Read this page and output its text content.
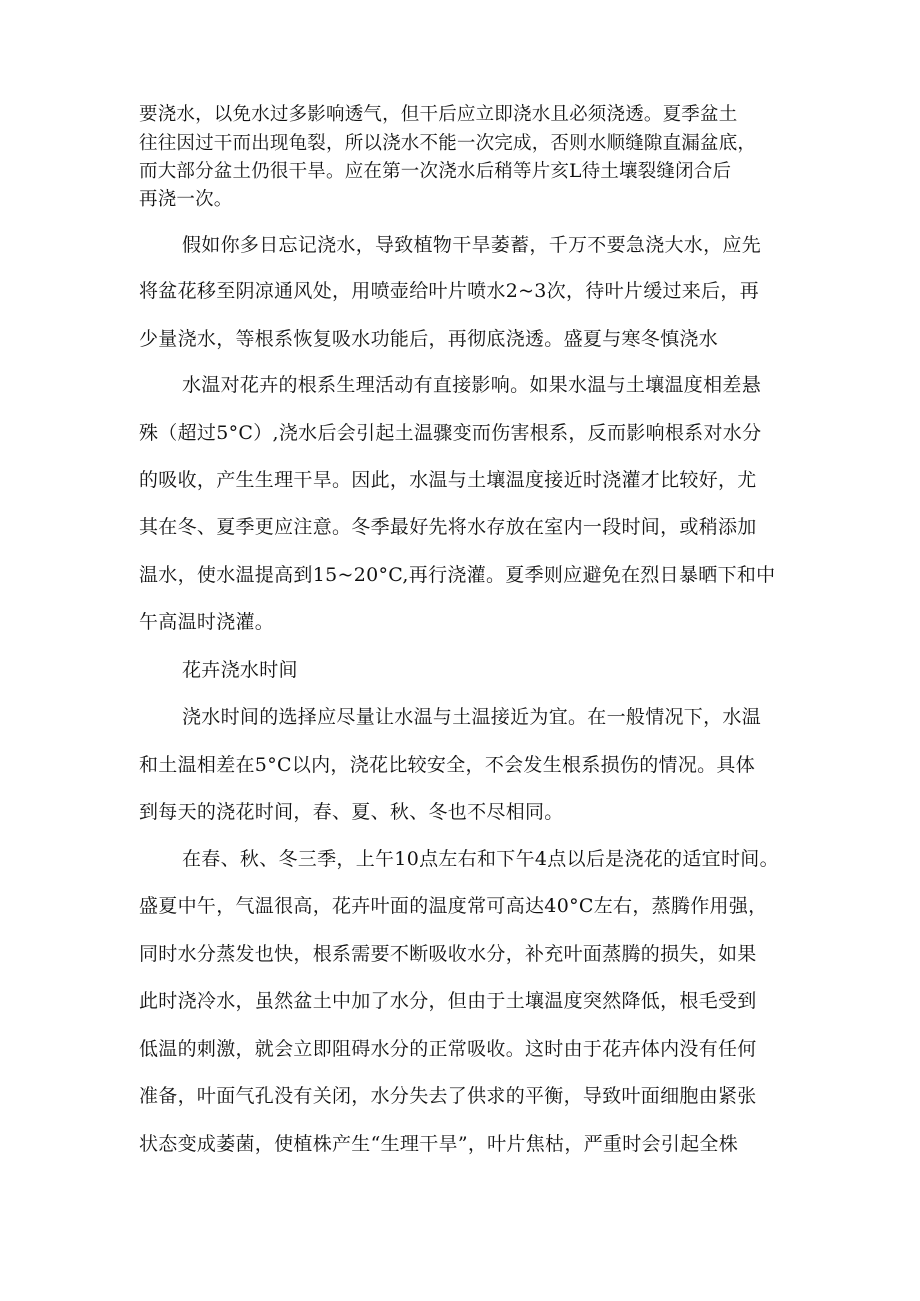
要浇水，以免水过多影响透气，但干后应立即浇水且必须浇透。夏季盆土
往往因过干而出现龟裂，所以浇水不能一次完成，否则水顺缝隙直漏盆底，
而大部分盆土仍很干旱。应在第一次浇水后稍等片亥L待土壤裂缝闭合后
再浇一次。
假如你多日忘记浇水，导致植物干旱萎蓄，千万不要急浇大水，应先
将盆花移至阴凉通风处，用喷壶给叶片喷水2~3次，待叶片缓过来后，再
少量浇水，等根系恢复吸水功能后，再彻底浇透。盛夏与寒冬慎浇水
水温对花卉的根系生理活动有直接影响。如果水温与土壤温度相差悬
殊（超过5°C）,浇水后会引起土温骤变而伤害根系，反而影响根系对水分
的吸收，产生生理干旱。因此，水温与土壤温度接近时浇灌才比较好，尤
其在冬、夏季更应注意。冬季最好先将水存放在室内一段时间，或稍添加
温水，使水温提高到15~20°C,再行浇灌。夏季则应避免在烈日暴晒下和中
午高温时浇灌。
花卉浇水时间
浇水时间的选择应尽量让水温与土温接近为宜。在一般情况下，水温
和土温相差在5°C以内，浇花比较安全，不会发生根系损伤的情况。具体
到每天的浇花时间，春、夏、秋、冬也不尽相同。
在春、秋、冬三季，上午10点左右和下午4点以后是浇花的适宜时间。
盛夏中午，气温很高，花卉叶面的温度常可高达40°C左右，蒸腾作用强，
同时水分蒸发也快，根系需要不断吸收水分，补充叶面蒸腾的损失，如果
此时浇冷水，虽然盆土中加了水分，但由于土壤温度突然降低，根毛受到
低温的刺激，就会立即阻碍水分的正常吸收。这时由于花卉体内没有任何
准备，叶面气孔没有关闭，水分失去了供求的平衡，导致叶面细胞由紧张
状态变成萎菌，使植株产生“生理干旱”，叶片焦枯，严重时会引起全株
